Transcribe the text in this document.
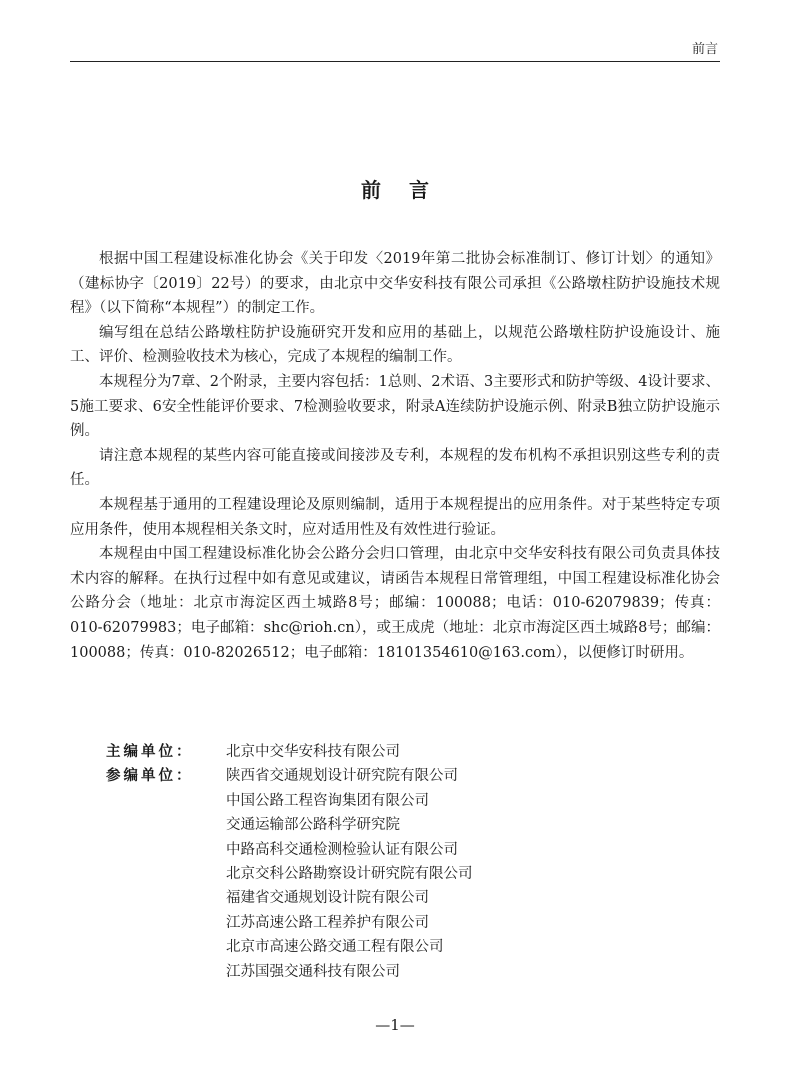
前言
前言

根据中国工程建设标准化协会《关于印发〈2019年第二批协会标准制订、修订计划〉的通知》（建标协字〔2019〕22号）的要求，由北京中交华安科技有限公司承担《公路墩柱防护设施技术规程》（以下简称“本规程”）的制定工作。

编写组在总结公路墩柱防护设施研究开发和应用的基础上，以规范公路墩柱防护设施设计、施工、评价、检测验收技术为核心，完成了本规程的编制工作。

本规程分为7章、2个附录，主要内容包括：1总则、2术语、3主要形式和防护等级、4设计要求、5施工要求、6安全性能评价要求、7检测验收要求，附录A连续防护设施示例、附录B独立防护设施示例。

请注意本规程的某些内容可能直接或间接涉及专利，本规程的发布机构不承担识别这些专利的责任。

本规程基于通用的工程建设理论及原则编制，适用于本规程提出的应用条件。对于某些特定专项应用条件，使用本规程相关条文时，应对适用性及有效性进行验证。

本规程由中国工程建设标准化协会公路分会归口管理，由北京中交华安科技有限公司负责具体技术内容的解释。在执行过程中如有意见或建议，请函告本规程日常管理组，中国工程建设标准化协会公路分会（地址：北京市海淀区西土城路8号；邮编：100088；电话：010-62079839；传真：010-62079983；电子邮箱：shc@rioh.cn），或王成虎（地址：北京市海淀区西土城路8号；邮编：100088；传真：010-82026512；电子邮箱：18101354610@163.com），以便修订时研用。

主编单位：	北京中交华安科技有限公司
参编单位：	陕西省交通规划设计研究院有限公司
中国公路工程咨询集团有限公司
交通运输部公路科学研究院
中路高科交通检测检验认证有限公司
北京交科公路勘察设计研究院有限公司
福建省交通规划设计院有限公司
江苏高速公路工程养护有限公司
北京市高速公路交通工程有限公司
江苏国强交通科技有限公司
—1—
